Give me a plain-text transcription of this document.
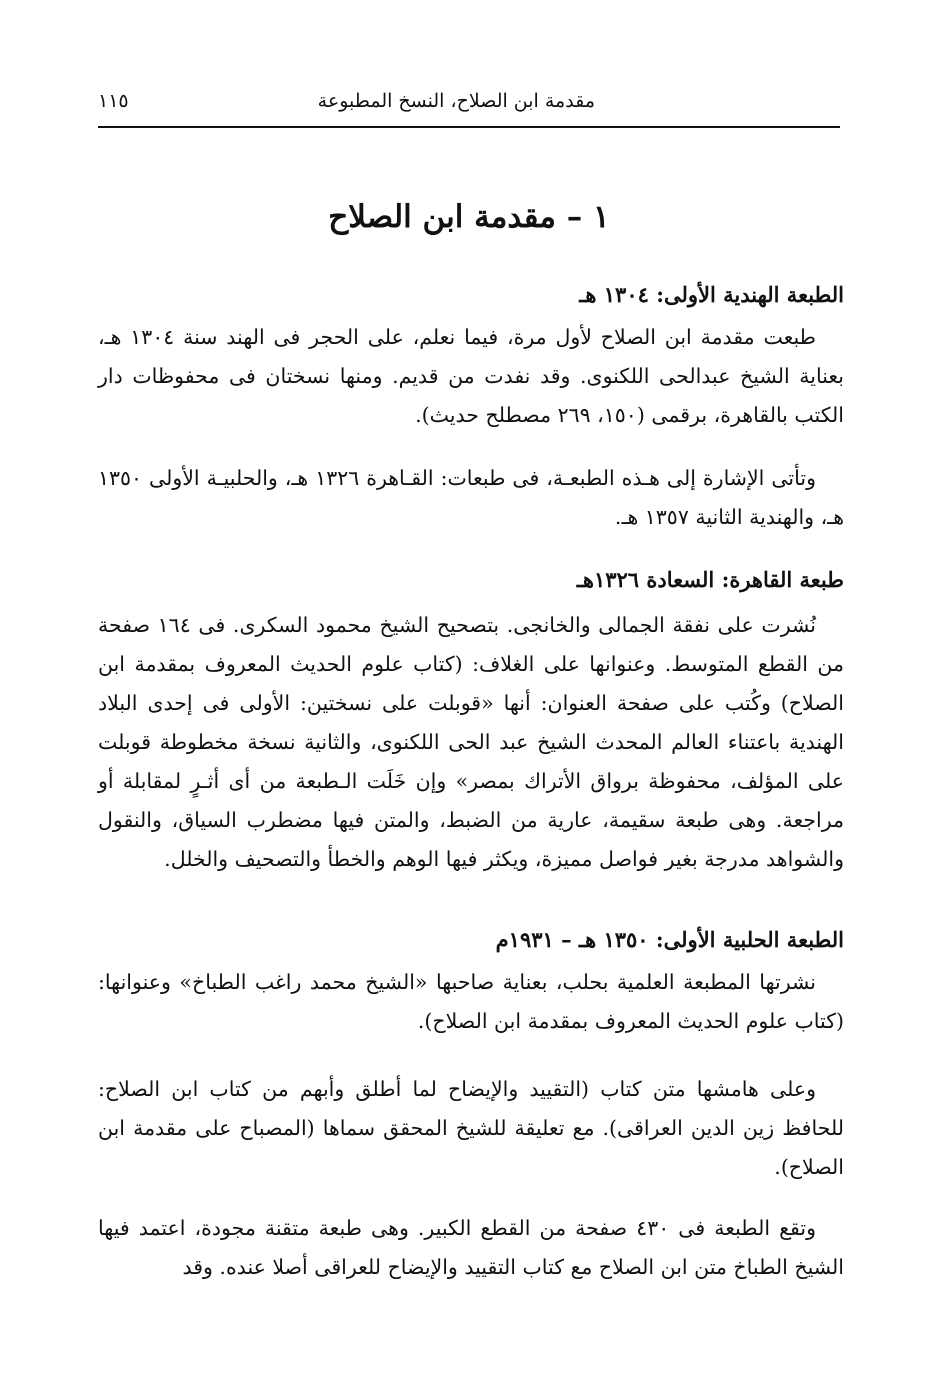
مقدمة ابن الصلاح، النسخ المطبوعة
١١٥
١ – مقدمة ابن الصلاح
الطبعة الهندية الأولى: ١٣٠٤ هـ

طبعت مقدمة ابن الصلاح لأول مرة، فيما نعلم، على الحجر فى الهند سنة ١٣٠٤ هـ، بعناية الشيخ عبدالحى اللكنوى. وقد نفدت من قديم. ومنها نسختان فى محفوظات دار الكتب بالقاهرة، برقمى (١٥٠، ٢٦٩ مصطلح حديث).

وتأتى الإشارة إلى هـذه الطبعـة، فى طبعات: القـاهرة ١٣٢٦ هـ، والحلبيـة الأولى ١٣٥٠ هـ، والهندية الثانية ١٣٥٧ هـ.

طبعة القاهرة: السعادة ١٣٢٦هـ

نُشرت على نفقة الجمالى والخانجى. بتصحيح الشيخ محمود السكرى. فى ١٦٤ صفحة من القطع المتوسط. وعنوانها على الغلاف: (كتاب علوم الحديث المعروف بمقدمة ابن الصلاح) وكُتب على صفحة العنوان: أنها «قوبلت على نسختين: الأولى فى إحدى البلاد الهندية باعتناء العالم المحدث الشيخ عبد الحى اللكنوى، والثانية نسخة مخطوطة قوبلت على المؤلف، محفوظة برواق الأتراك بمصر» وإن خَلَت الـطبعة من أى أثـرٍ لمقابلة أو مراجعة. وهى طبعة سقيمة، عارية من الضبط، والمتن فيها مضطرب السياق، والنقول والشواهد مدرجة بغير فواصل مميزة، ويكثر فيها الوهم والخطأ والتصحيف والخلل.

الطبعة الحلبية الأولى: ١٣٥٠ هـ – ١٩٣١م

نشرتها المطبعة العلمية بحلب، بعناية صاحبها «الشيخ محمد راغب الطباخ» وعنوانها: (كتاب علوم الحديث المعروف بمقدمة ابن الصلاح).

وعلى هامشها متن كتاب (التقييد والإيضاح لما أطلق وأبهم من كتاب ابن الصلاح: للحافظ زين الدين العراقى). مع تعليقة للشيخ المحقق سماها (المصباح على مقدمة ابن الصلاح).

وتقع الطبعة فى ٤٣٠ صفحة من القطع الكبير. وهى طبعة متقنة مجودة، اعتمد فيها الشيخ الطباخ متن ابن الصلاح مع كتاب التقييد والإيضاح للعراقى أصلا عنده. وقد
